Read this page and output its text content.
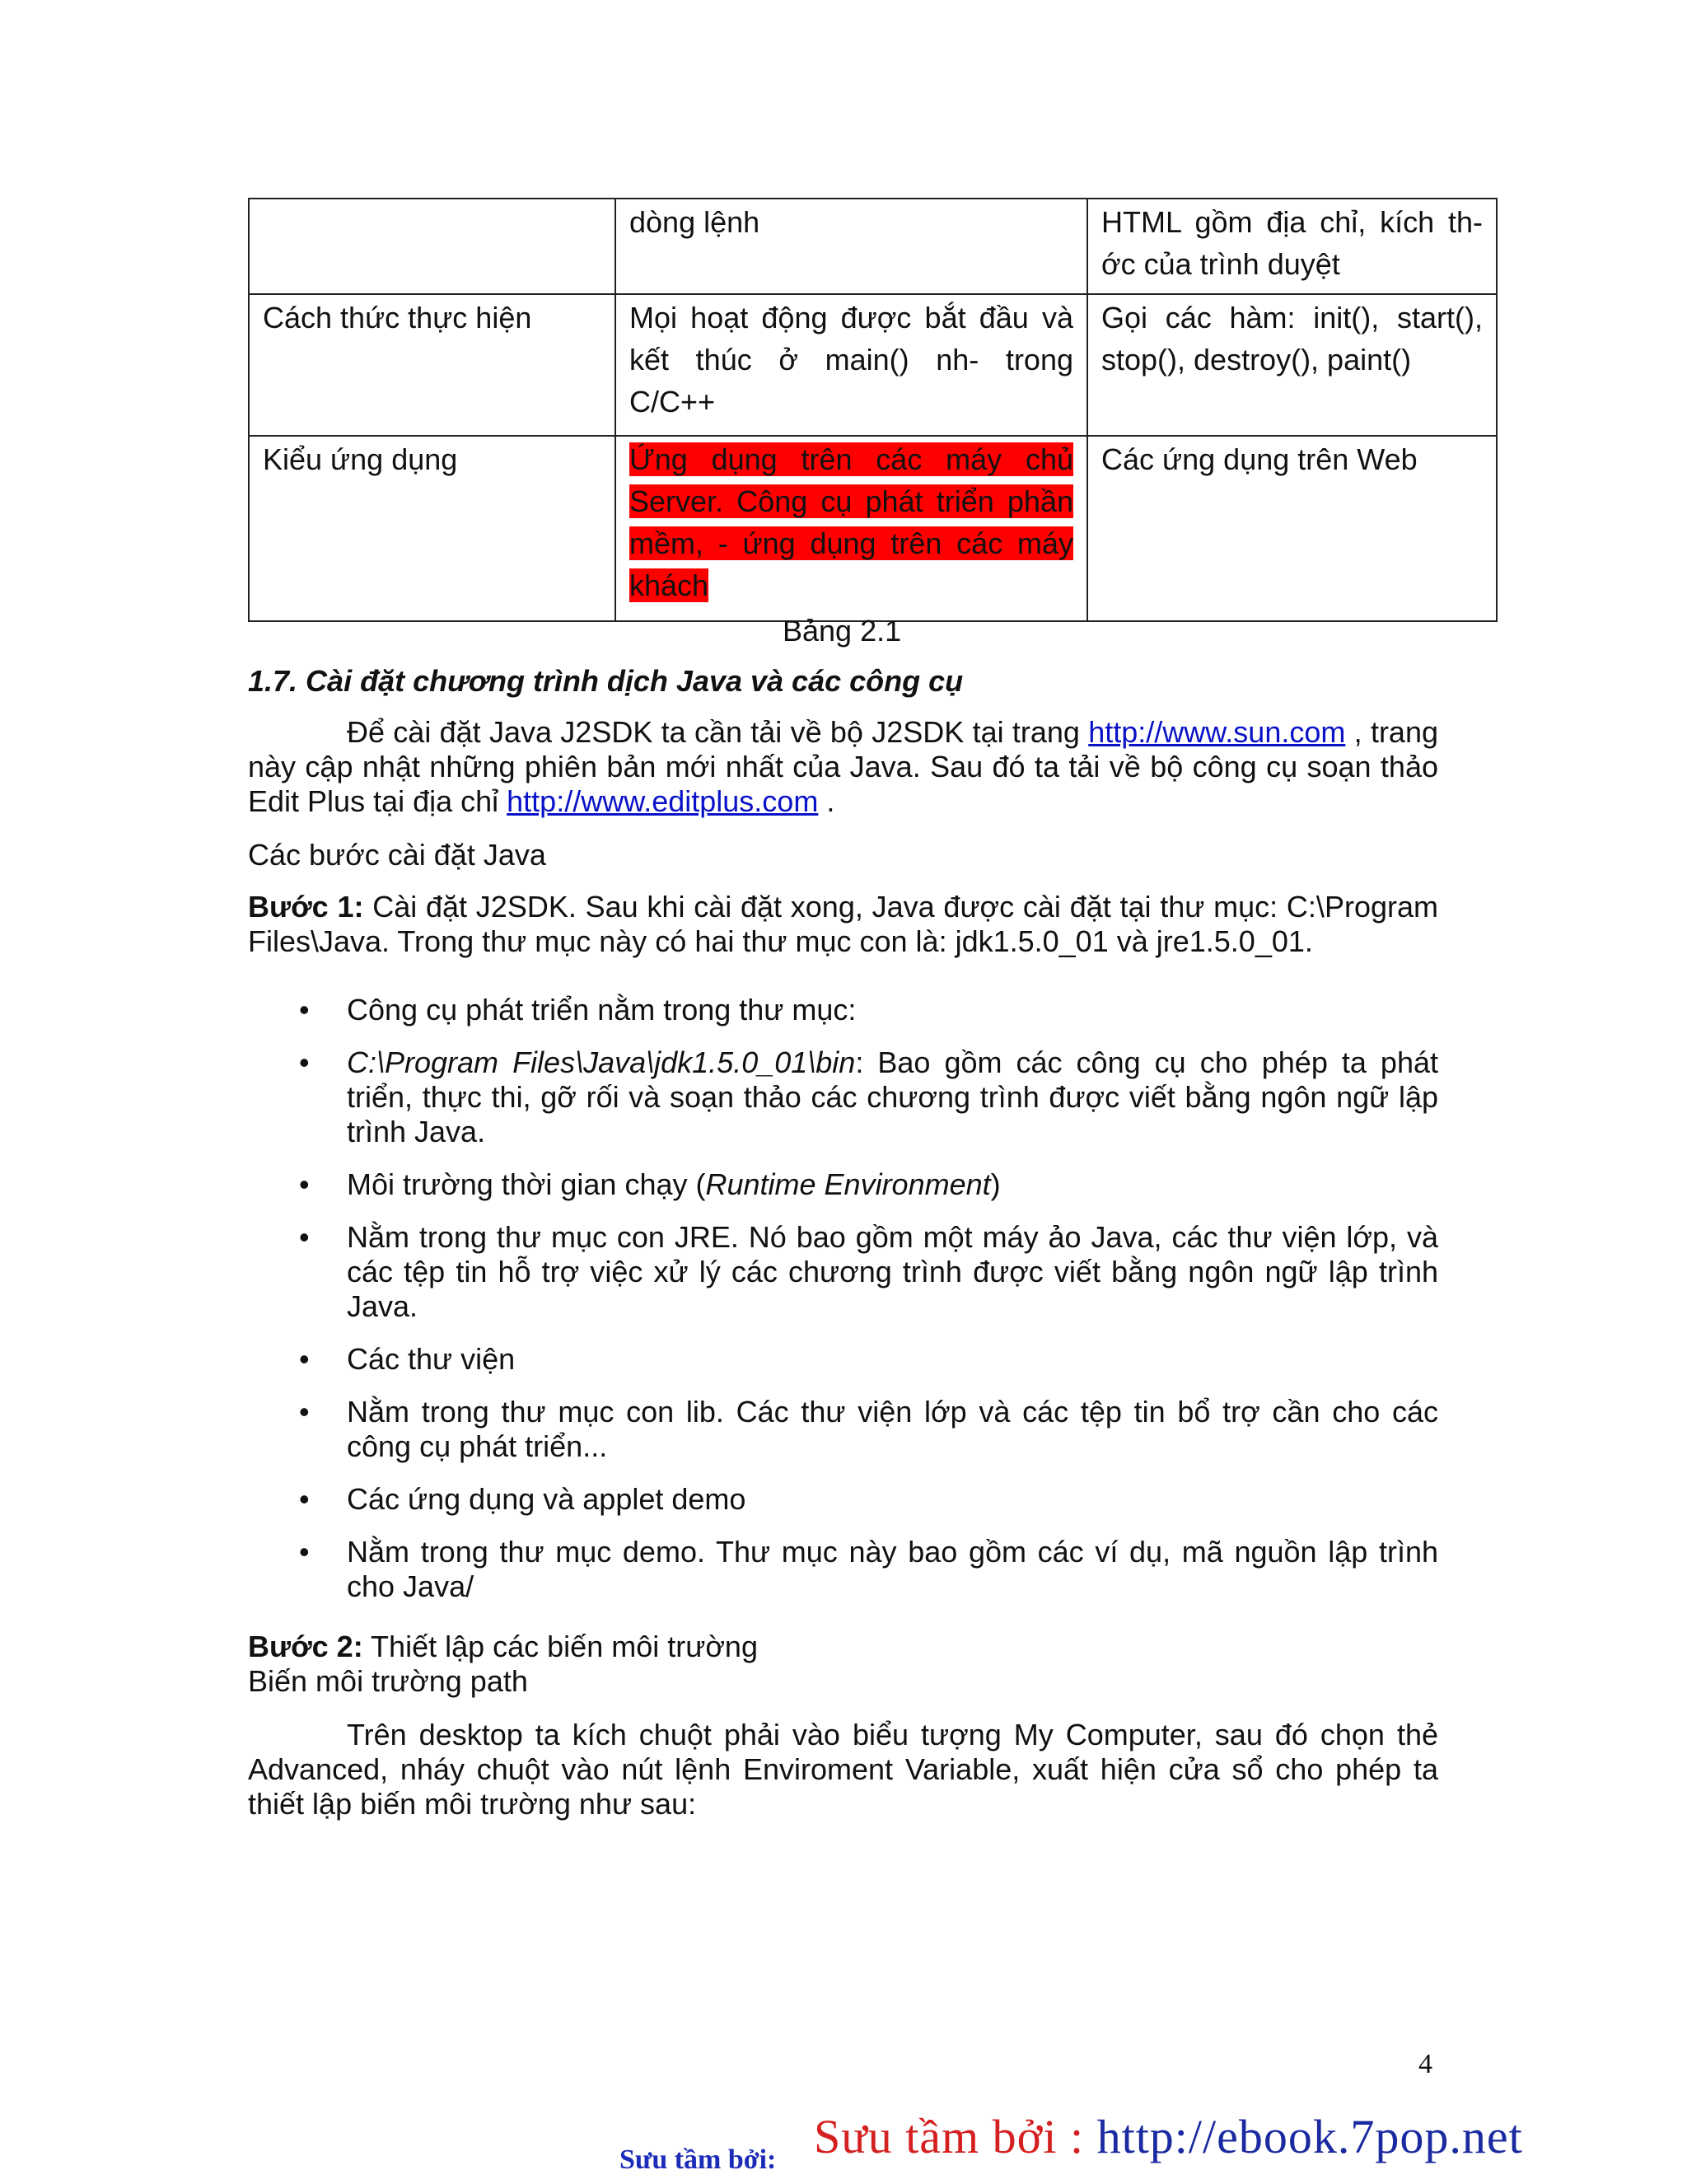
	dòng lệnh	HTML gồm địa chỉ, kích th-ớc của trình duyệt
Cách thức thực hiện	Mọi hoạt động được bắt đầu và kết thúc ở main() nh- trong C/C++	Gọi các hàm: init(), start(), stop(), destroy(), paint()
Kiểu ứng dụng	Ứng dụng trên các máy chủ Server. Công cụ phát triển phần mềm, - ứng dụng trên các máy khách	Các ứng dụng trên Web
Bảng 2.1
1.7. Cài đặt chương trình dịch Java và các công cụ
Để cài đặt Java J2SDK ta cần tải về bộ J2SDK tại trang http://www.sun.com , trang này cập nhật những phiên bản mới nhất của Java. Sau đó ta tải về bộ công cụ soạn thảo Edit Plus tại địa chỉ http://www.editplus.com .
Các bước cài đặt Java
Bước 1: Cài đặt J2SDK. Sau khi cài đặt xong, Java được cài đặt tại thư mục: C:\Program Files\Java. Trong thư mục này có hai thư mục con là: jdk1.5.0_01 và jre1.5.0_01.
• Công cụ phát triển nằm trong thư mục:
• C:\Program Files\Java\jdk1.5.0_01\bin: Bao gồm các công cụ cho phép ta phát triển, thực thi, gỡ rối và soạn thảo các chương trình được viết bằng ngôn ngữ lập trình Java.
• Môi trường thời gian chạy (Runtime Environment)
• Nằm trong thư mục con JRE. Nó bao gồm một máy ảo Java, các thư viện lớp, và các tệp tin hỗ trợ việc xử lý các chương trình được viết bằng ngôn ngữ lập trình Java.
• Các thư viện
• Nằm trong thư mục con lib. Các thư viện lớp và các tệp tin bổ trợ cần cho các công cụ phát triển...
• Các ứng dụng và applet demo
• Nằm trong thư mục demo. Thư mục này bao gồm các ví dụ, mã nguồn lập trình cho Java/
Bước 2: Thiết lập các biến môi trường
Biến môi trường path
Trên desktop ta kích chuột phải vào biểu tượng My Computer, sau đó chọn thẻ Advanced, nháy chuột vào nút lệnh Enviroment Variable, xuất hiện cửa sổ cho phép ta thiết lập biến môi trường như sau:
4
Sưu tầm bởi : http://ebook.7pop.net
Sưu tầm bởi:
